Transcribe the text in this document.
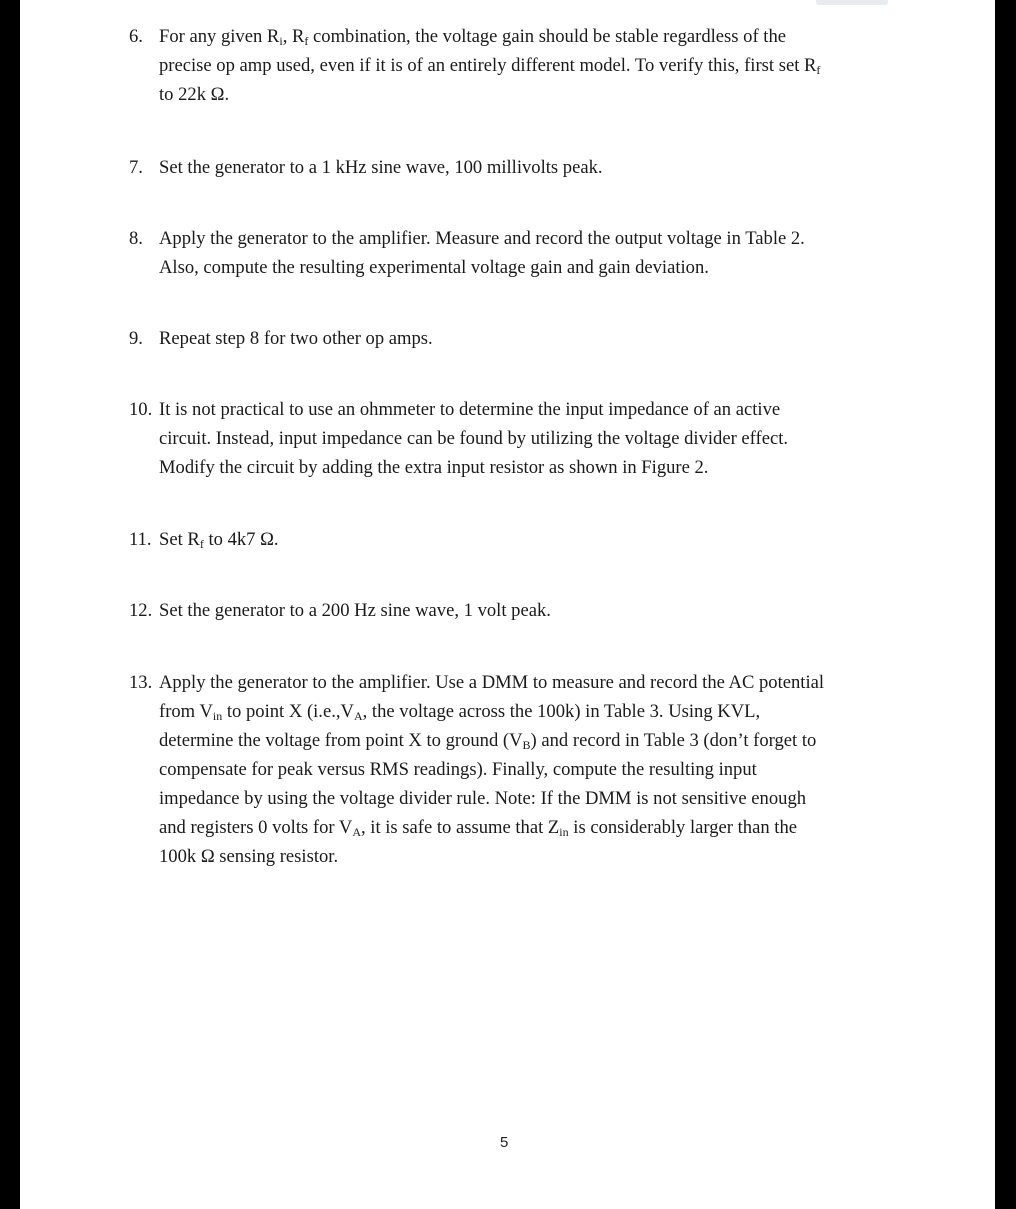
6. For any given $R_i$, $R_f$ combination, the voltage gain should be stable regardless of the
precise op amp used, even if it is of an entirely different model. To verify this, first set $R_f$
to 22k Ω.
7. Set the generator to a 1 kHz sine wave, 100 millivolts peak.
8. Apply the generator to the amplifier. Measure and record the output voltage in Table 2.
Also, compute the resulting experimental voltage gain and gain deviation.
9. Repeat step 8 for two other op amps.
10. It is not practical to use an ohmmeter to determine the input impedance of an active
circuit. Instead, input impedance can be found by utilizing the voltage divider effect.
Modify the circuit by adding the extra input resistor as shown in Figure 2.
11. Set $R_f$ to 4k7 Ω.
12. Set the generator to a 200 Hz sine wave, 1 volt peak.
13. Apply the generator to the amplifier. Use a DMM to measure and record the AC potential
from $V_{in}$ to point X ($i.e.,V_A$, the voltage across the 100k) in Table 3. Using KVL,
determine the voltage from point X to ground $(V_B)$ and record in Table 3 (don’t forget to
compensate for peak versus RMS readings). Finally, compute the resulting input
impedance by using the voltage divider rule. Note: If the DMM is not sensitive enough
and registers 0 volts for $V_A$, it is safe to assume that $Z_{in}$ is considerably larger than the
100k Ω sensing resistor.
5
